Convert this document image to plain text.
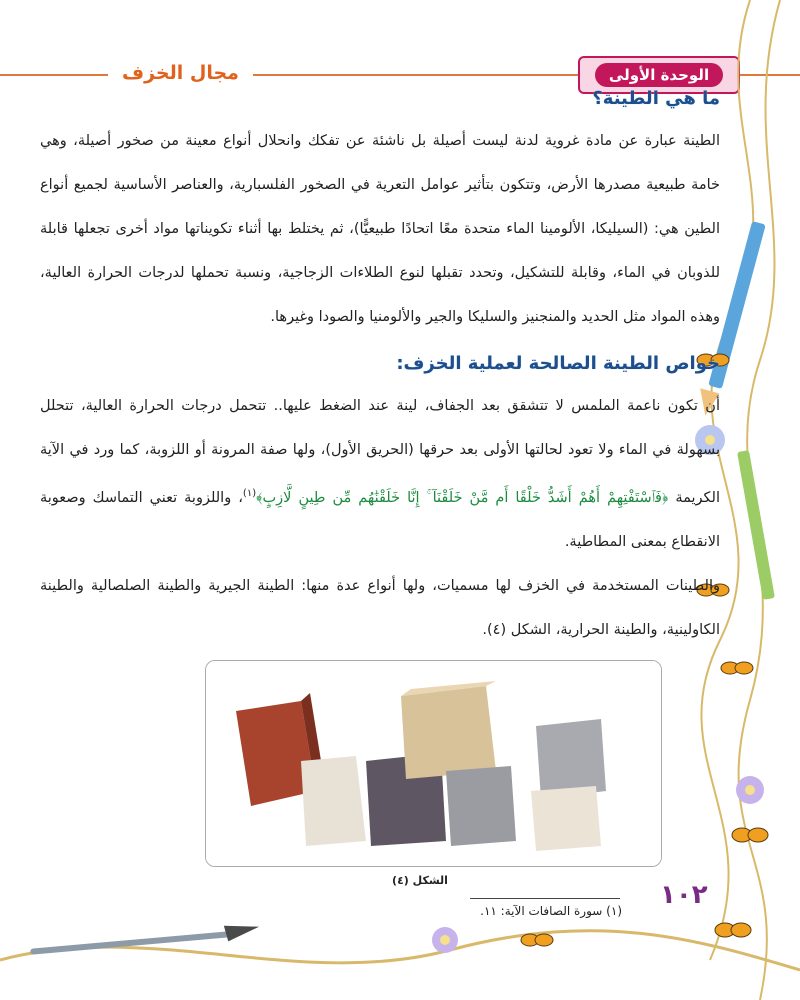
مجال الخزف	الوحدة الأولى
ما هي الطينة؟

الطينة عبارة عن مادة غروية لدنة ليست أصيلة بل ناشئة عن تفكك وانحلال أنواع معينة من صخور أصيلة، وهي خامة طبيعية مصدرها الأرض، وتتكون بتأثير عوامل التعرية في الصخور الفلسبارية، والعناصر الأساسية لجميع أنواع الطين هي: (السيليكا، الألومينا الماء متحدة معًا اتحادًا طبيعيًّا)، ثم يختلط بها أثناء تكويناتها مواد أخرى تجعلها قابلة للذوبان في الماء، وقابلة للتشكيل، وتحدد تقبلها لنوع الطلاءات الزجاجية، ونسبة تحملها لدرجات الحرارة العالية، وهذه المواد مثل الحديد والمنجنيز والسليكا والجير والألومنيا والصودا وغيرها.

خواص الطينة الصالحة لعملية الخزف:

أن تكون ناعمة الملمس لا تتشقق بعد الجفاف، لينة عند الضغط عليها.. تتحمل درجات الحرارة العالية، تتحلل بسهولة في الماء ولا تعود لحالتها الأولى بعد حرقها (الحريق الأول)، ولها صفة المرونة أو اللزوبة، كما ورد في الآية الكريمة ﴿فَٱسْتَفْتِهِمْ أَهُمْ أَشَدُّ خَلْقًا أَم مَّنْ خَلَقْنَآ ۚ إِنَّا خَلَقْنَٰهُم مِّن طِينٍ لَّازِبٍ﴾$^{(١)}$، واللزوبة تعني التماسك وصعوبة الانقطاع بمعنى المطاطية.

والطينات المستخدمة في الخزف لها مسميات، ولها أنواع عدة منها: الطينة الجيرية والطينة الصلصالية والطينة الكاولينية، والطينة الحرارية، الشكل (٤).

الشكل (٤)
(١) سورة الصافات الآية: ١١.
١٠٢
